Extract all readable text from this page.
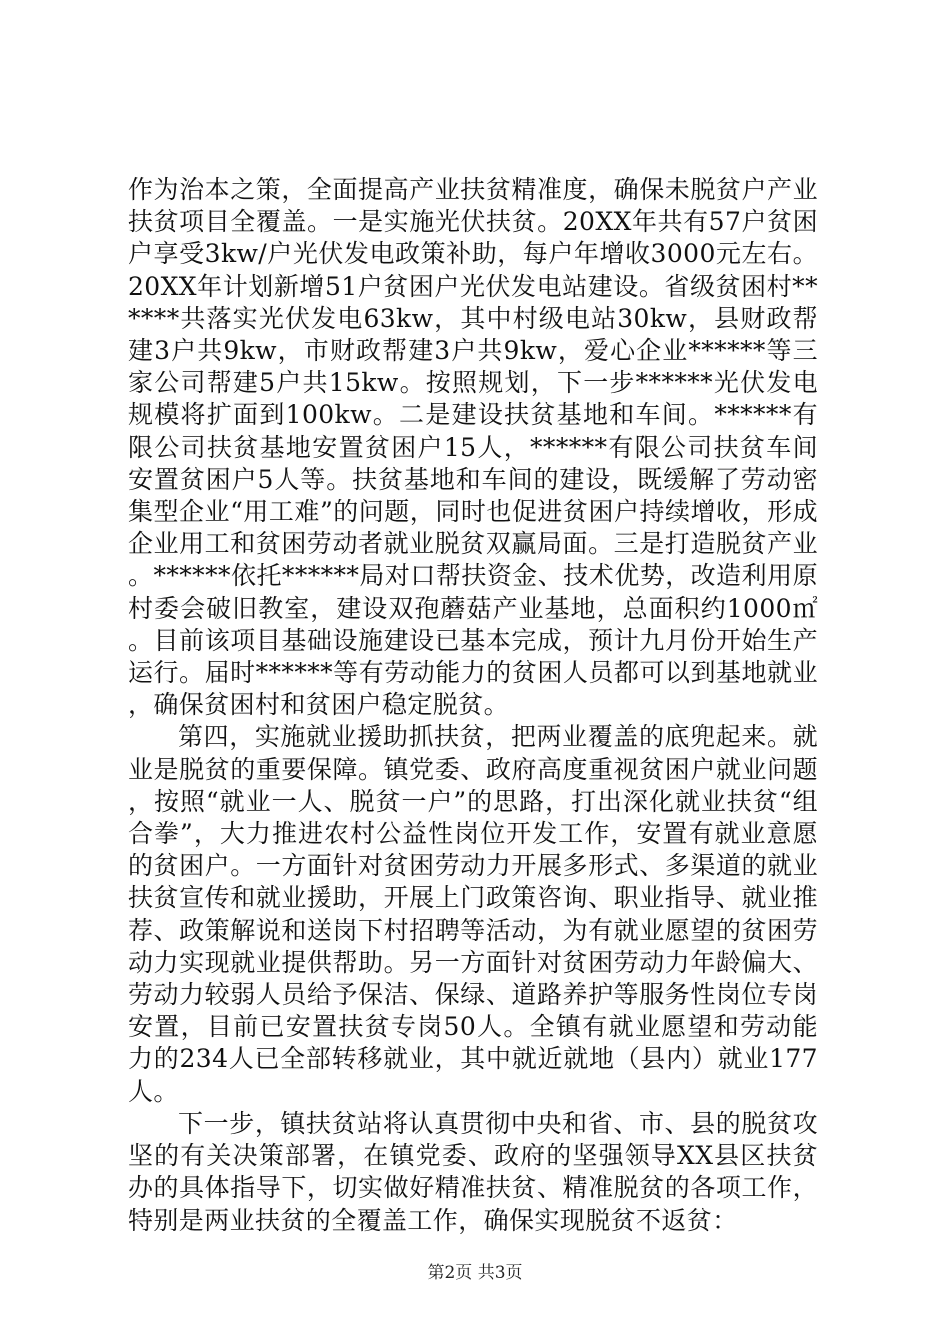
作为治本之策，全面提高产业扶贫精准度，确保未脱贫户产业扶贫项目全覆盖。一是实施光伏扶贫。20XX年共有57户贫困户享受3kw/户光伏发电政策补助，每户年增收3000元左右。20XX年计划新增51户贫困户光伏发电站建设。省级贫困村******共落实光伏发电63kw，其中村级电站30kw，县财政帮建3户共9kw，市财政帮建3户共9kw，爱心企业******等三家公司帮建5户共15kw。按照规划，下一步******光伏发电规模将扩面到100kw。二是建设扶贫基地和车间。******有限公司扶贫基地安置贫困户15人，******有限公司扶贫车间安置贫困户5人等。扶贫基地和车间的建设，既缓解了劳动密集型企业“用工难”的问题，同时也促进贫困户持续增收，形成企业用工和贫困劳动者就业脱贫双赢局面。三是打造脱贫产业。******依托******局对口帮扶资金、技术优势，改造利用原村委会破旧教室，建设双孢蘑菇产业基地，总面积约1000㎡。目前该项目基础设施建设已基本完成，预计九月份开始生产运行。届时******等有劳动能力的贫困人员都可以到基地就业，确保贫困村和贫困户稳定脱贫。

第四，实施就业援助抓扶贫，把两业覆盖的底兜起来。就业是脱贫的重要保障。镇党委、政府高度重视贫困户就业问题，按照“就业一人、脱贫一户”的思路，打出深化就业扶贫“组合拳”，大力推进农村公益性岗位开发工作，安置有就业意愿的贫困户。一方面针对贫困劳动力开展多形式、多渠道的就业扶贫宣传和就业援助，开展上门政策咨询、职业指导、就业推荐、政策解说和送岗下村招聘等活动，为有就业愿望的贫困劳动力实现就业提供帮助。另一方面针对贫困劳动力年龄偏大、劳动力较弱人员给予保洁、保绿、道路养护等服务性岗位专岗安置，目前已安置扶贫专岗50人。全镇有就业愿望和劳动能力的234人已全部转移就业，其中就近就地（县内）就业177人。

下一步，镇扶贫站将认真贯彻中央和省、市、县的脱贫攻坚的有关决策部署，在镇党委、政府的坚强领导XX县区扶贫办的具体指导下，切实做好精准扶贫、精准脱贫的各项工作，特别是两业扶贫的全覆盖工作，确保实现脱贫不返贫：

第2页 共3页
